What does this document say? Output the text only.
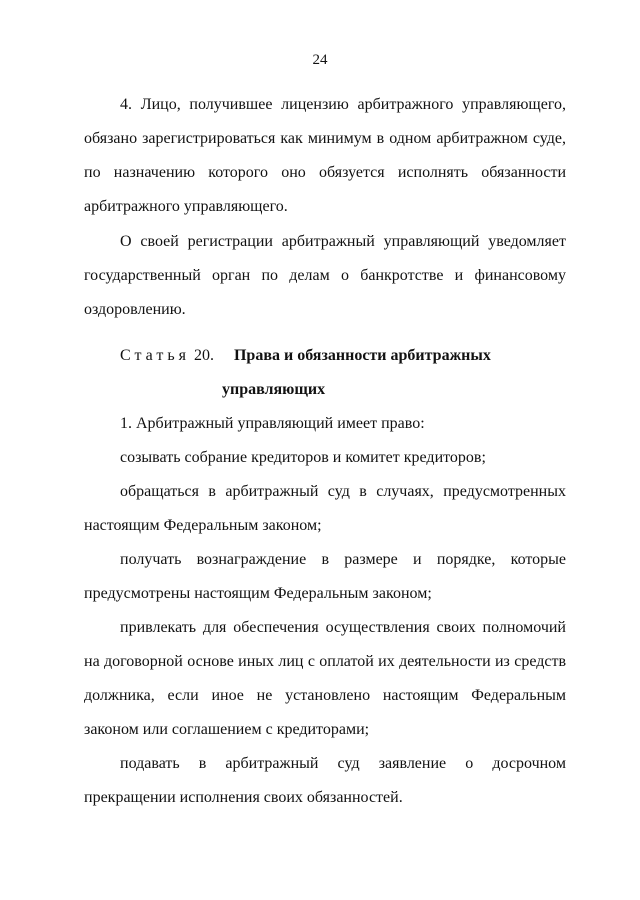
24

4. Лицо, получившее лицензию арбитражного управляющего, обязано зарегистрироваться как минимум в одном арбитражном суде, по назначению которого оно обязуется исполнять обязанности арбитражного управляющего.

О своей регистрации арбитражный управляющий уведомляет государственный орган по делам о банкротстве и финансовому оздоровлению.

Статья 20. Права и обязанности арбитражных
управляющих

1. Арбитражный управляющий имеет право:

созывать собрание кредиторов и комитет кредиторов;

обращаться в арбитражный суд в случаях, предусмотренных настоящим Федеральным законом;

получать вознаграждение в размере и порядке, которые предусмотрены настоящим Федеральным законом;

привлекать для обеспечения осуществления своих полномочий на договорной основе иных лиц с оплатой их деятельности из средств должника, если иное не установлено настоящим Федеральным законом или соглашением с кредиторами;

подавать в арбитражный суд заявление о досрочном прекращении исполнения своих обязанностей.
